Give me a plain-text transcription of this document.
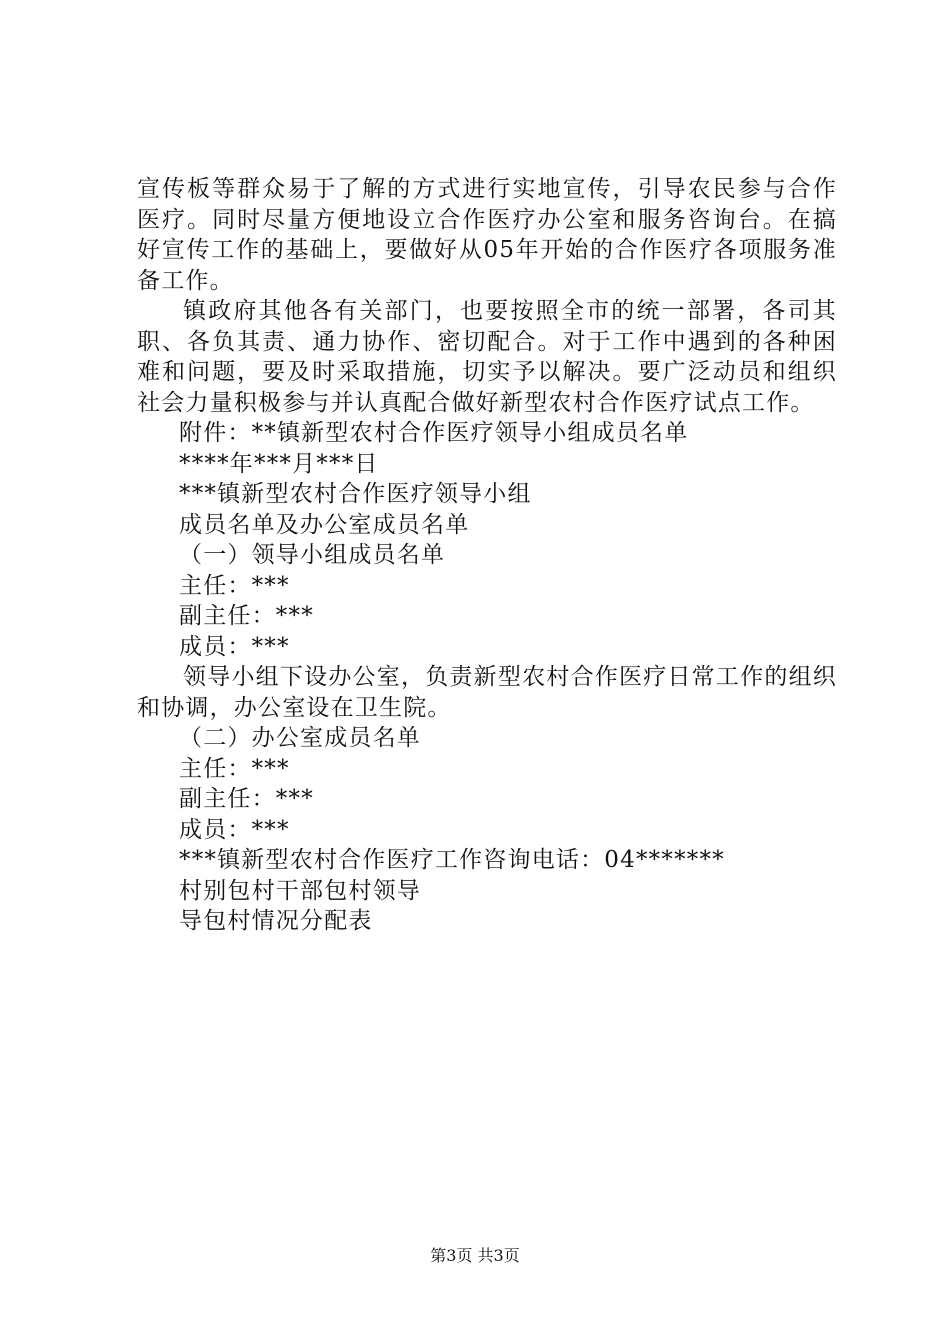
宣传板等群众易于了解的方式进行实地宣传，引导农民参与合作医疗。同时尽量方便地设立合作医疗办公室和服务咨询台。在搞好宣传工作的基础上，要做好从05年开始的合作医疗各项服务准备工作。

镇政府其他各有关部门，也要按照全市的统一部署，各司其职、各负其责、通力协作、密切配合。对于工作中遇到的各种困难和问题，要及时采取措施，切实予以解决。要广泛动员和组织社会力量积极参与并认真配合做好新型农村合作医疗试点工作。

附件：**镇新型农村合作医疗领导小组成员名单

****年***月***日

***镇新型农村合作医疗领导小组

成员名单及办公室成员名单

（一）领导小组成员名单

主任：***

副主任：***

成员：***

领导小组下设办公室，负责新型农村合作医疗日常工作的组织和协调，办公室设在卫生院。

（二）办公室成员名单

主任：***

副主任：***

成员：***

***镇新型农村合作医疗工作咨询电话：04*******

村别包村干部包村领导

导包村情况分配表

第3页 共3页
